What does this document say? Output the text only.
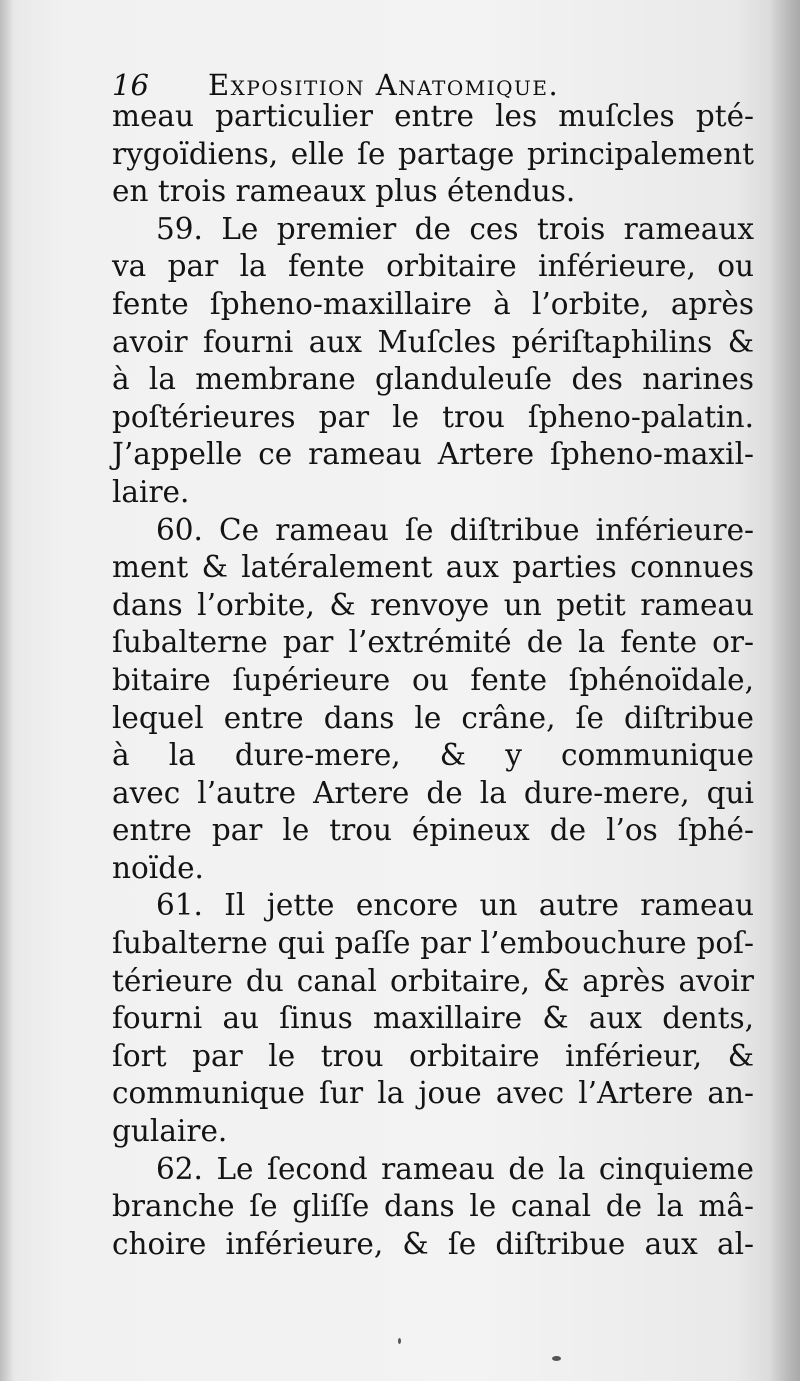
16 Exposition Anatomique.
meau particulier entre les muſcles pté-
rygoïdiens, elle ſe partage principalement
en trois rameaux plus étendus.
59. Le premier de ces trois rameaux
va par la fente orbitaire inférieure, ou
fente ſpheno-maxillaire à l’orbite, après
avoir fourni aux Muſcles périſtaphilins &
à la membrane glanduleuſe des narines
poſtérieures par le trou ſpheno-palatin.
J’appelle ce rameau Artere ſpheno-maxil-
laire.
60. Ce rameau ſe diſtribue inférieure-
ment & latéralement aux parties connues
dans l’orbite, & renvoye un petit rameau
ſubalterne par l’extrémité de la fente or-
bitaire ſupérieure ou fente ſphénoïdale,
lequel entre dans le crâne, ſe diſtribue
à la dure-mere, & y communique
avec l’autre Artere de la dure-mere, qui
entre par le trou épineux de l’os ſphé-
noïde.
61. Il jette encore un autre rameau
ſubalterne qui paſſe par l’embouchure poſ-
térieure du canal orbitaire, & après avoir
fourni au ſinus maxillaire & aux dents,
ſort par le trou orbitaire inférieur, &
communique ſur la joue avec l’Artere an-
gulaire.
62. Le ſecond rameau de la cinquieme
branche ſe gliſſe dans le canal de la mâ-
choire inférieure, & ſe diſtribue aux al-
